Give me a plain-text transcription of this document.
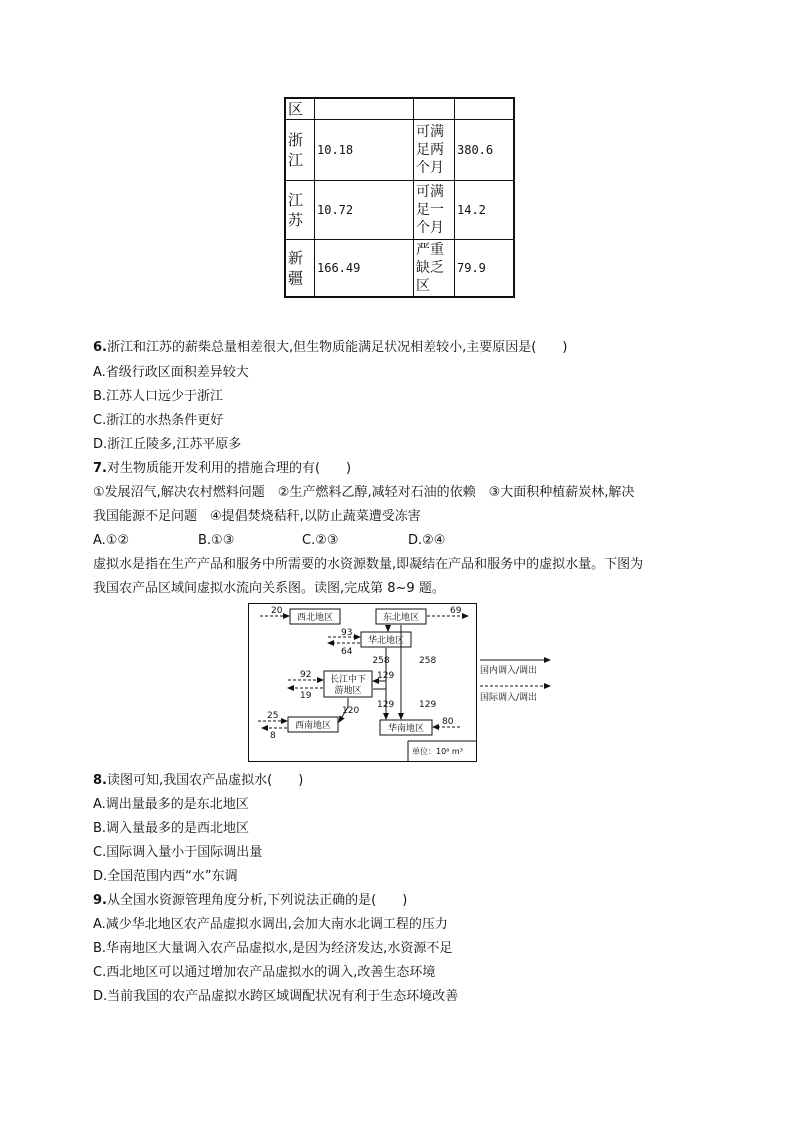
区			
浙江	10.18	可满足两个月	380.6
江苏	10.72	可满足一个月	14.2
新疆	166.49	严重缺乏区	79.9
6.浙江和江苏的薪柴总量相差很大,但生物质能满足状况相差较小,主要原因是(　　)
A.省级行政区面积差异较大
B.江苏人口远少于浙江
C.浙江的水热条件更好
D.浙江丘陵多,江苏平原多
7.对生物质能开发利用的措施合理的有(　　)
①发展沼气,解决农村燃料问题　②生产燃料乙醇,减轻对石油的依赖　③大面积种植薪炭林,解决
我国能源不足问题　④提倡焚烧秸秆,以防止蔬菜遭受冻害
A.①②	B.①③	C.②③	D.②④
虚拟水是指在生产产品和服务中所需要的水资源数量,即凝结在产品和服务中的虚拟水量。下图为
我国农产品区域间虚拟水流向关系图。读图,完成第 8~9 题。
西北地区	东北地区
华北地区
长江中下
游地区
西南地区	华南地区
20	69
93
64
258	258
129
129	129
92
19
120
25
8
80
单位：10⁸ m³
国内调入/调出
国际调入/调出
8.读图可知,我国农产品虚拟水(　　)
A.调出量最多的是东北地区
B.调入量最多的是西北地区
C.国际调入量小于国际调出量
D.全国范围内西“水”东调
9.从全国水资源管理角度分析,下列说法正确的是(　　)
A.减少华北地区农产品虚拟水调出,会加大南水北调工程的压力
B.华南地区大量调入农产品虚拟水,是因为经济发达,水资源不足
C.西北地区可以通过增加农产品虚拟水的调入,改善生态环境
D.当前我国的农产品虚拟水跨区域调配状况有利于生态环境改善
